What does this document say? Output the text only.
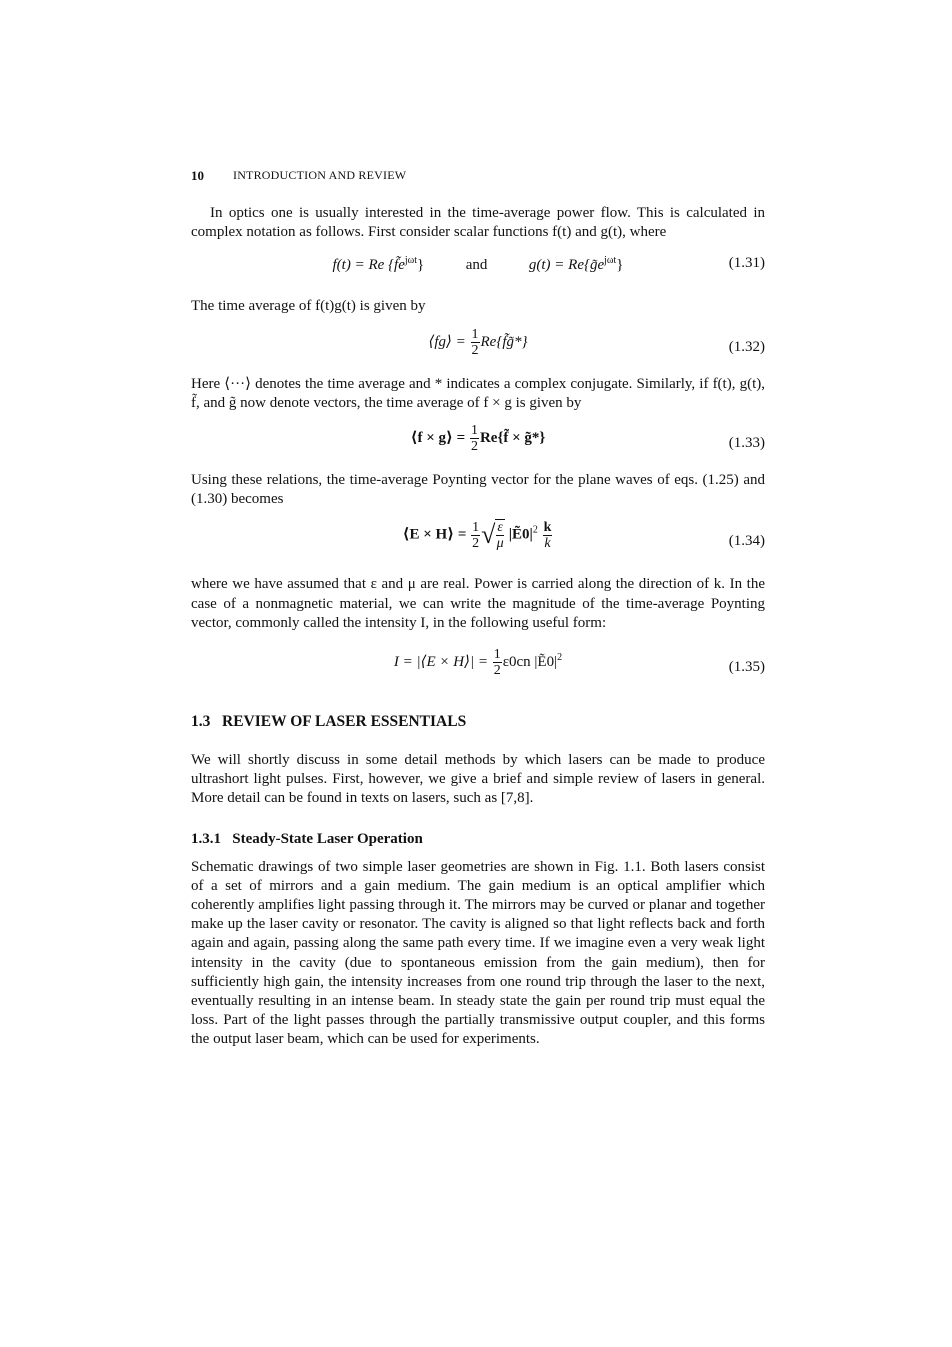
10 INTRODUCTION AND REVIEW

In optics one is usually interested in the time-average power flow. This is calculated in complex notation as follows. First consider scalar functions f(t) and g(t), where

f(t) = Re $\{f̃e^{j\omega t}\}$	and	$g(t) = Re\{g̃e^{j\omega t}\}$	(1.31)

The time average of f(t)g(t) is given by

⟨fg⟩ = $\frac{1}{2}$ Re{f̃g̃*}	(1.32)

Here ⟨···⟩ denotes the time average and * indicates a complex conjugate. Similarly, if f(t), g(t), f̃, and g̃ now denote vectors, the time average of f × g is given by

⟨f × g⟩ = $\frac{1}{2}$ Re{f̃ × g̃*}	(1.33)

Using these relations, the time-average Poynting vector for the plane waves of eqs. (1.25) and (1.30) becomes

⟨E × H⟩ = $\frac{1}{2}$ √ $\frac{\varepsilon}{\mu}$ $|Ẽ0|^2 \frac{k}{k}$	(1.34)

where we have assumed that ε and μ are real. Power is carried along the direction of k. In the case of a nonmagnetic material, we can write the magnitude of the time-average Poynting vector, commonly called the intensity I, in the following useful form:

I = |⟨E × H⟩| = $\frac{1}{2} \varepsilon 0cn$ $|Ẽ0|^2$
(1.35)
1.3   REVIEW OF LASER ESSENTIALS

We will shortly discuss in some detail methods by which lasers can be made to produce ultrashort light pulses. First, however, we give a brief and simple review of lasers in general. More detail can be found in texts on lasers, such as [7,8].

1.3.1   Steady-State Laser Operation

Schematic drawings of two simple laser geometries are shown in Fig. 1.1. Both lasers consist of a set of mirrors and a gain medium. The gain medium is an optical amplifier which coherently amplifies light passing through it. The mirrors may be curved or planar and together make up the laser cavity or resonator. The cavity is aligned so that light reflects back and forth again and again, passing along the same path every time. If we imagine even a very weak light intensity in the cavity (due to spontaneous emission from the gain medium), then for sufficiently high gain, the intensity increases from one round trip through the laser to the next, eventually resulting in an intense beam. In steady state the gain per round trip must equal the loss. Part of the light passes through the partially transmissive output coupler, and this forms the output laser beam, which can be used for experiments.
